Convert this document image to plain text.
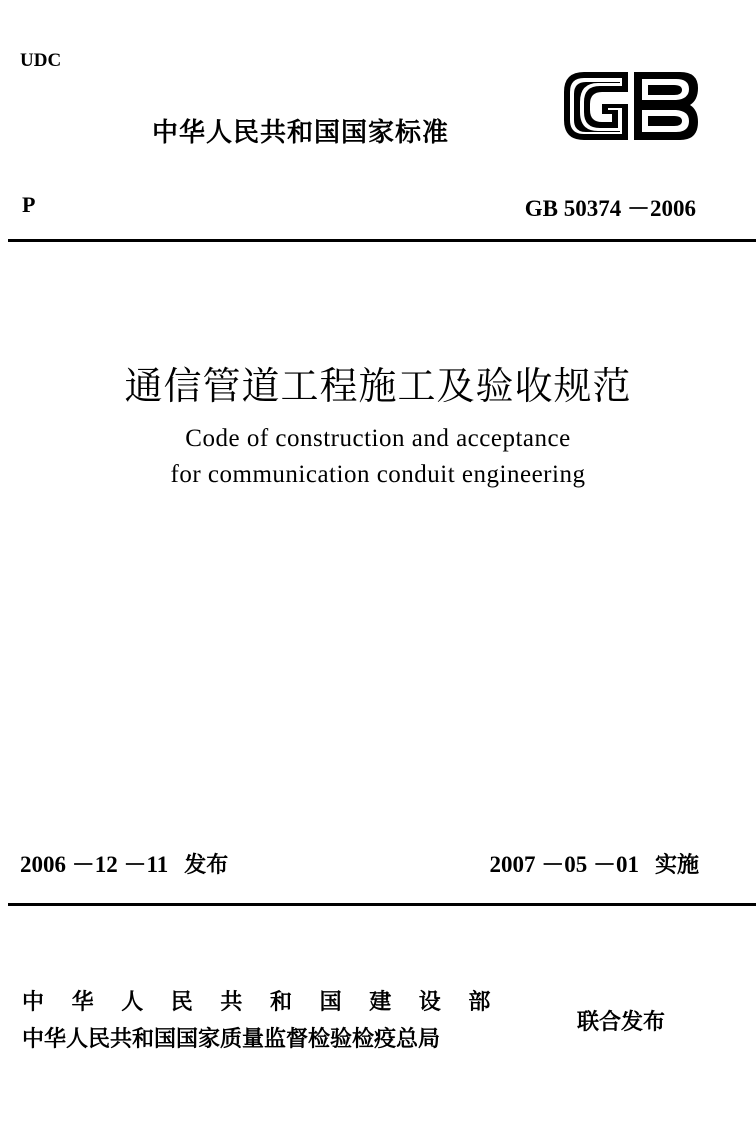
UDC
中华人民共和国国家标准
P	GB 50374 －2006
通信管道工程施工及验收规范
Code of construction and acceptance
for communication conduit engineering
2006 －12 －11 发布	2007 －05 －01 实施
中华人民共和国建设部
中华人民共和国国家质量监督检验检疫总局
联合发布
